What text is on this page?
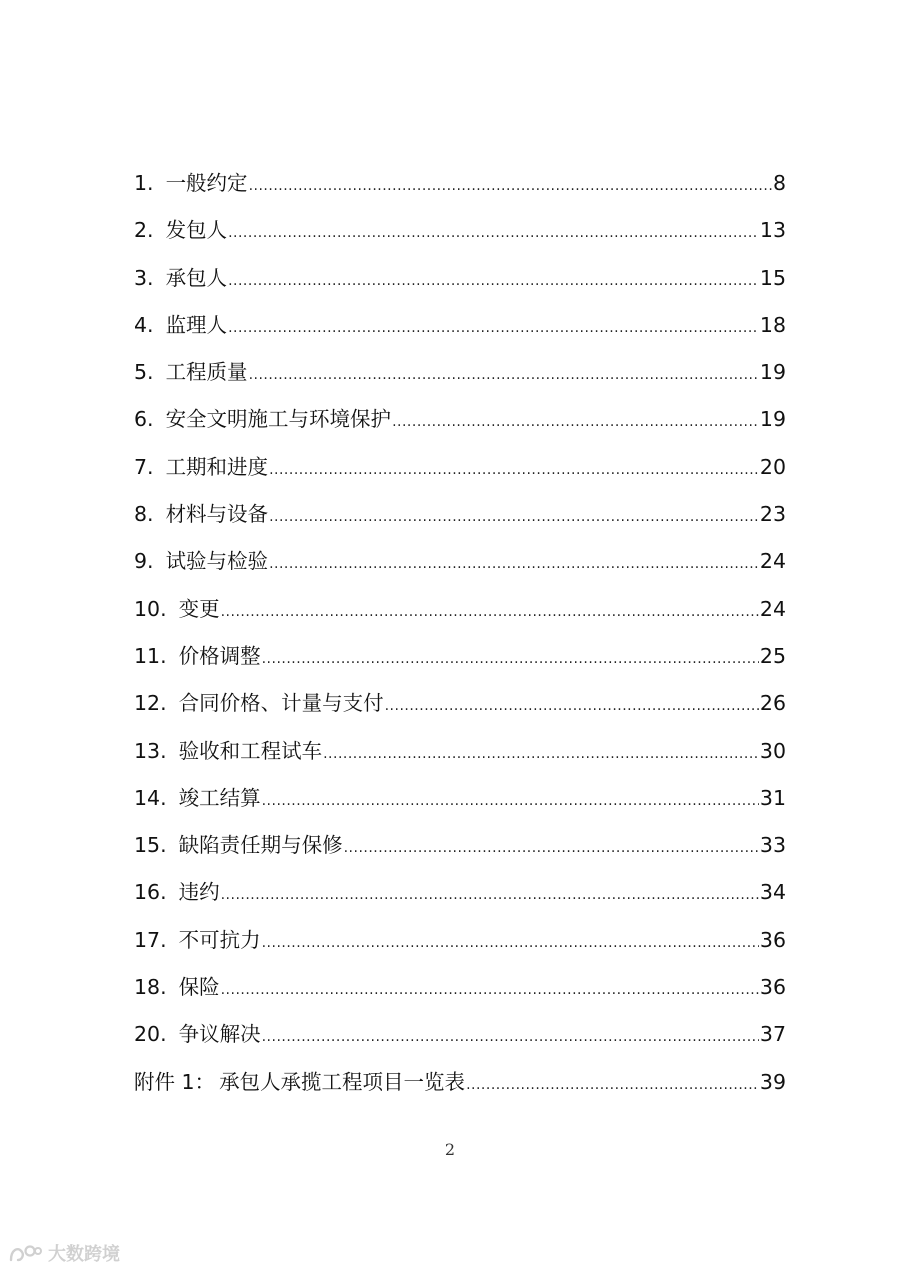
1. 一般约定 .....	8
2. 发包人 .....	13
3. 承包人 .....	15
4. 监理人 .....	18
5. 工程质量 .....	19
6. 安全文明施工与环境保护 .....	19
7. 工期和进度 .....	20
8. 材料与设备 .....	23
9. 试验与检验 .....	24
10. 变更 .....	24
11. 价格调整 .....	25
12. 合同价格、计量与支付 .....	26
13. 验收和工程试车 .....	30
14. 竣工结算 .....	31
15. 缺陷责任期与保修 .....	33
16. 违约 .....	34
17. 不可抗力 .....	36
18. 保险 .....	36
20. 争议解决 .....	37
附件 1： 承包人承揽工程项目一览表 .....	39
2
大数跨境
